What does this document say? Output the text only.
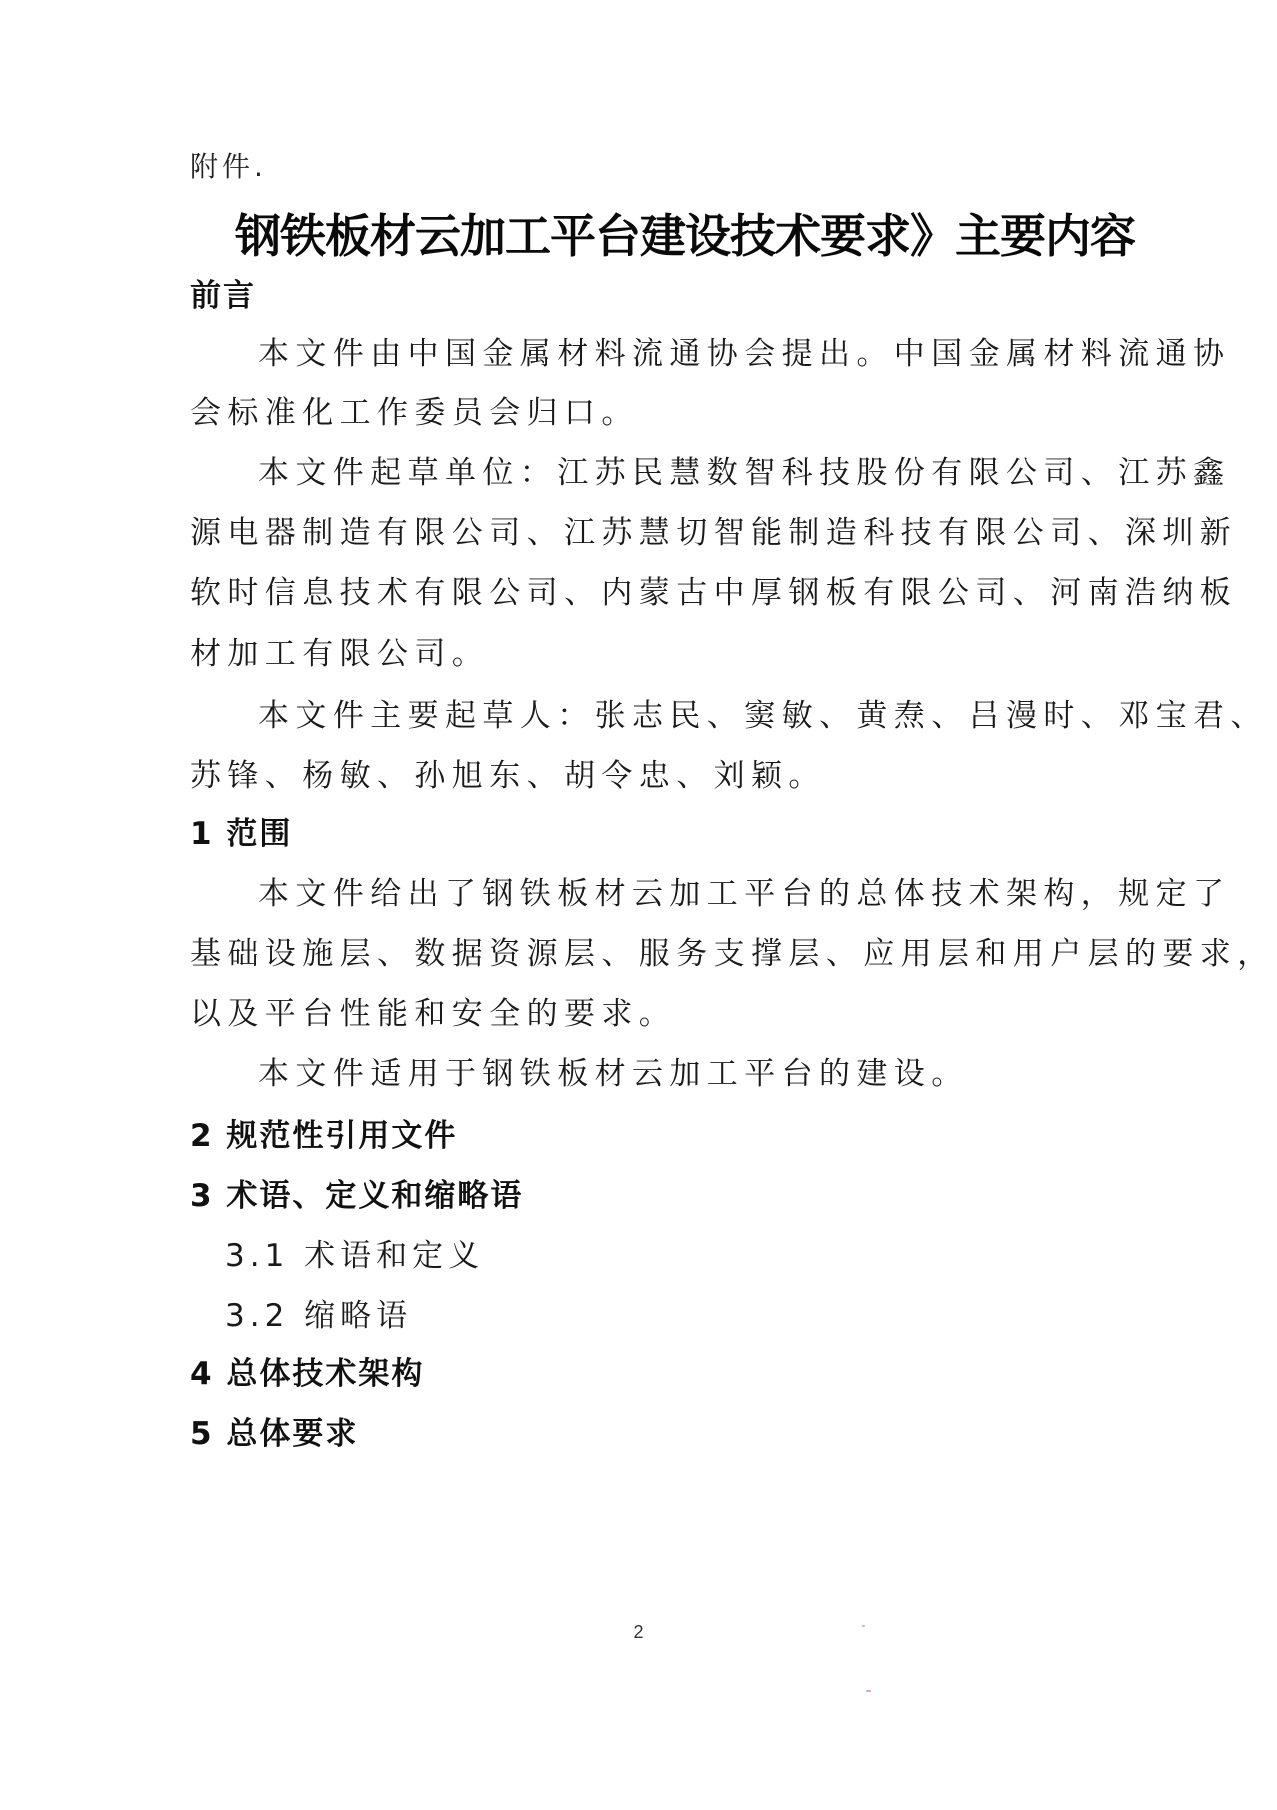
附件.
钢铁板材云加工平台建设技术要求》主要内容
前言
本文件由中国金属材料流通协会提出。中国金属材料流通协
会标准化工作委员会归口。
本文件起草单位：江苏民慧数智科技股份有限公司、江苏鑫
源电器制造有限公司、江苏慧切智能制造科技有限公司、深圳新
软时信息技术有限公司、内蒙古中厚钢板有限公司、河南浩纳板
材加工有限公司。
本文件主要起草人：张志民、窦敏、黄焘、吕漫时、邓宝君、
苏锋、杨敏、孙旭东、胡令忠、刘颖。
1 范围
本文件给出了钢铁板材云加工平台的总体技术架构，规定了
基础设施层、数据资源层、服务支撑层、应用层和用户层的要求，
以及平台性能和安全的要求。
本文件适用于钢铁板材云加工平台的建设。
2 规范性引用文件
3 术语、定义和缩略语
3.1 术语和定义
3.2 缩略语
4 总体技术架构
5 总体要求
2
